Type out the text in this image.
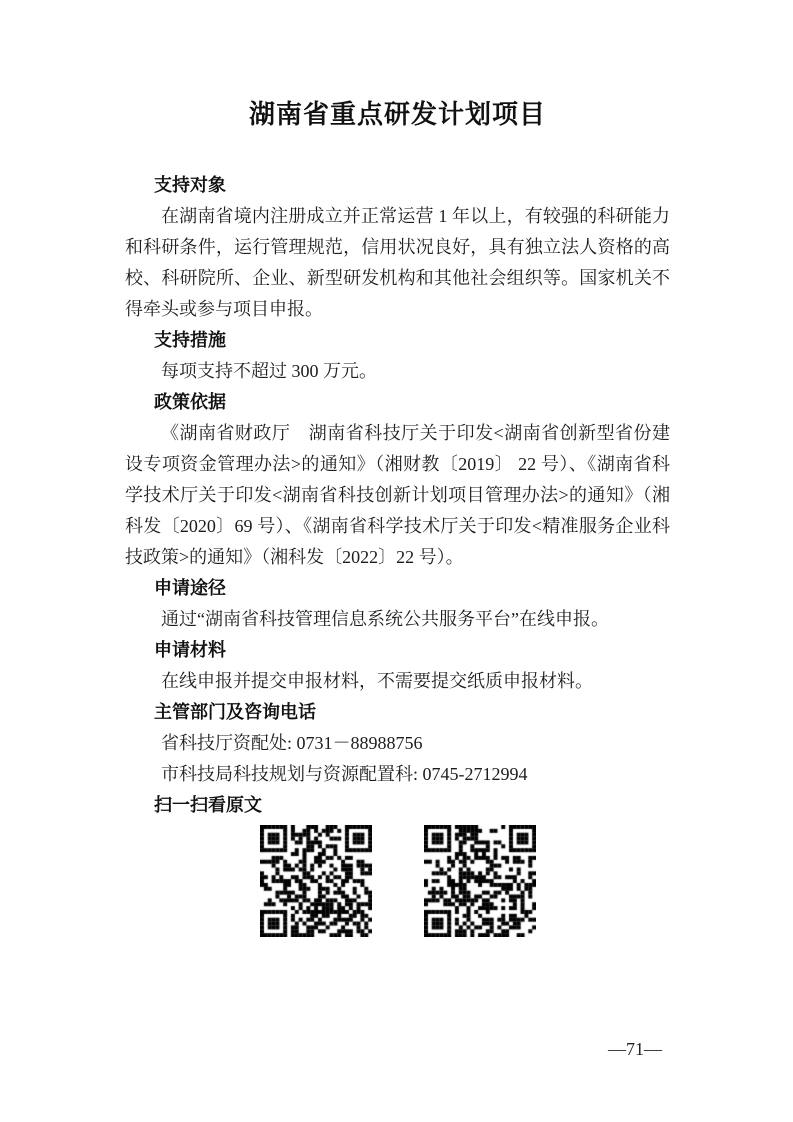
湖南省重点研发计划项目
支持对象

在湖南省境内注册成立并正常运营 1 年以上，有较强的科研能力和科研条件，运行管理规范，信用状况良好，具有独立法人资格的高校、科研院所、企业、新型研发机构和其他社会组织等。国家机关不得牵头或参与项目申报。

支持措施

每项支持不超过 300 万元。

政策依据

《湖南省财政厅　湖南省科技厅关于印发<湖南省创新型省份建设专项资金管理办法>的通知》（湘财教〔2019〕 22 号）、《湖南省科学技术厅关于印发<湖南省科技创新计划项目管理办法>的通知》（湘科发〔2020〕69 号）、《湖南省科学技术厅关于印发<精准服务企业科技政策>的通知》（湘科发〔2022〕22 号）。

申请途径

通过“湖南省科技管理信息系统公共服务平台”在线申报。

申请材料

在线申报并提交申报材料，不需要提交纸质申报材料。

主管部门及咨询电话

省科技厅资配处: 0731－88988756

市科技局科技规划与资源配置科: 0745-2712994

扫一扫看原文
—71—
